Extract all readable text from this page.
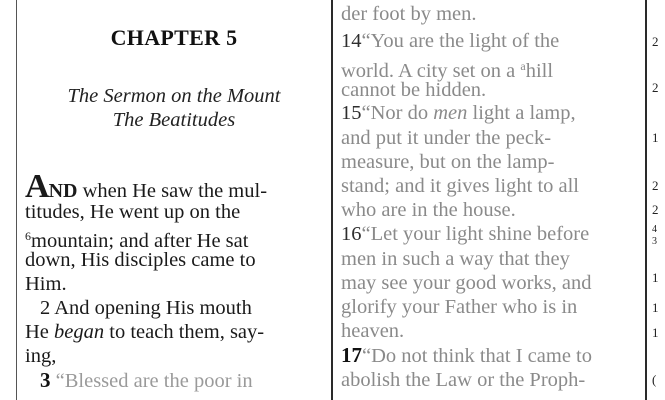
CHAPTER 5
The Sermon on the Mount
The Beatitudes
AND when He saw the mul-
titudes, He went up on the
$^6$mountain; and after He sat
down, His disciples came to
Him.
2 And opening His mouth
He began to teach them, say-
ing,
3 “Blessed are the poor in
der foot by men.
14“You are the light of the
world. A city set on a $^a$hill
cannot be hidden.
15“Nor do men light a lamp,
and put it under the peck-
measure, but on the lamp-
stand; and it gives light to all
who are in the house.
16“Let your light shine before
men in such a way that they
may see your good works, and
glorify your Father who is in
heaven.
17“Do not think that I came to
abolish the Law or the Proph-
2
2
1
2
2
4
3
1
1
1
(
